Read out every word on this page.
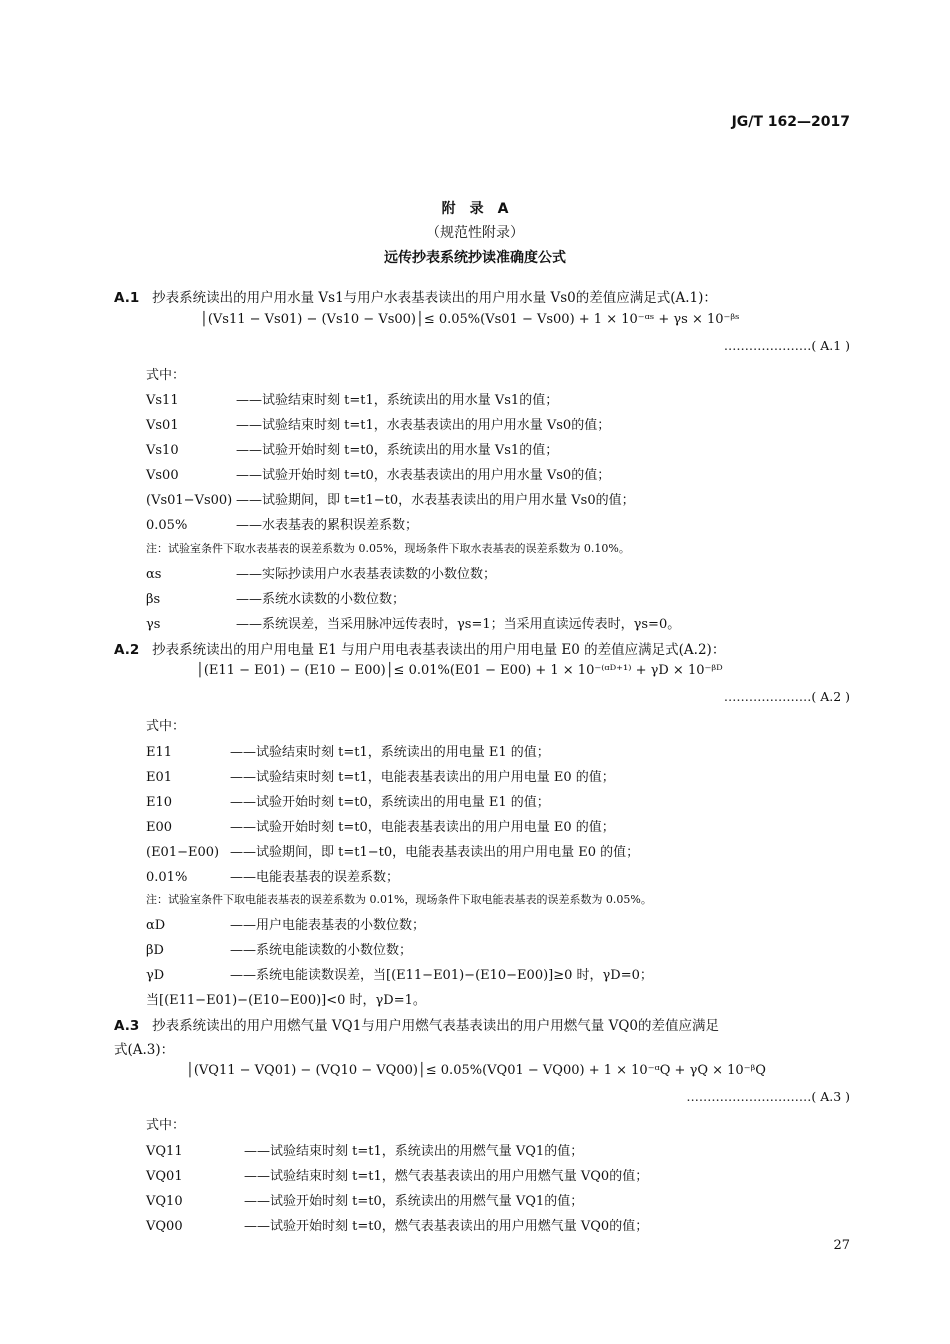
JG/T 162—2017
附　录　A
（规范性附录）
远传抄表系统抄读准确度公式
A.1 抄表系统读出的用户用水量 Vs1与用户水表基表读出的用户用水量 Vs0的差值应满足式(A.1)：
│(Vs11 − Vs01) − (Vs10 − Vs00)│≤ 0.05%(Vs01 − Vs00) + 1 × 10⁻ᵅˢ + γs × 10⁻ᵝˢ
…………………( A.1 )
式中：
Vs11	——试验结束时刻 t=t1，系统读出的用水量 Vs1的值；
Vs01	——试验结束时刻 t=t1，水表基表读出的用户用水量 Vs0的值；
Vs10	——试验开始时刻 t=t0，系统读出的用水量 Vs1的值；
Vs00	——试验开始时刻 t=t0，水表基表读出的用户用水量 Vs0的值；
(Vs01−Vs00) ——试验期间，即 t=t1−t0，水表基表读出的用户用水量 Vs0的值；
0.05%	——水表基表的累积误差系数；
注：试验室条件下取水表基表的误差系数为 0.05%，现场条件下取水表基表的误差系数为 0.10%。
αs	——实际抄读用户水表基表读数的小数位数；
βs	——系统水读数的小数位数；
γs	——系统误差，当采用脉冲远传表时，γs=1；当采用直读远传表时，γs=0。
A.2 抄表系统读出的用户用电量 E1 与用户用电表基表读出的用户用电量 E0 的差值应满足式(A.2)：
│(E11 − E01) − (E10 − E00)│≤ 0.01%(E01 − E00) + 1 × 10⁻⁽ᵅᴰ⁺¹⁾ + γD × 10⁻ᵝᴰ
…………………( A.2 )
式中：
E11	——试验结束时刻 t=t1，系统读出的用电量 E1 的值；
E01	——试验结束时刻 t=t1，电能表基表读出的用户用电量 E0 的值；
E10	——试验开始时刻 t=t0，系统读出的用电量 E1 的值；
E00	——试验开始时刻 t=t0，电能表基表读出的用户用电量 E0 的值；
(E01−E00) ——试验期间，即 t=t1−t0，电能表基表读出的用户用电量 E0 的值；
0.01%	——电能表基表的误差系数；
注：试验室条件下取电能表基表的误差系数为 0.01%，现场条件下取电能表基表的误差系数为 0.05%。
αD	——用户电能表基表的小数位数；
βD	——系统电能读数的小数位数；
γD	——系统电能读数误差，当[(E11−E01)−(E10−E00)]≥0 时，γD=0；
当[(E11−E01)−(E10−E00)]<0 时，γD=1。
A.3 抄表系统读出的用户用燃气量 VQ1与用户用燃气表基表读出的用户用燃气量 VQ0的差值应满足
式(A.3)：
│(VQ11 − VQ01) − (VQ10 − VQ00)│≤ 0.05%(VQ01 − VQ00) + 1 × 10⁻ᵅQ + γQ × 10⁻ᵝQ
…………………………( A.3 )
式中：
VQ11	——试验结束时刻 t=t1，系统读出的用燃气量 VQ1的值；
VQ01	——试验结束时刻 t=t1，燃气表基表读出的用户用燃气量 VQ0的值；
VQ10	——试验开始时刻 t=t0，系统读出的用燃气量 VQ1的值；
VQ00	——试验开始时刻 t=t0，燃气表基表读出的用户用燃气量 VQ0的值；
27
